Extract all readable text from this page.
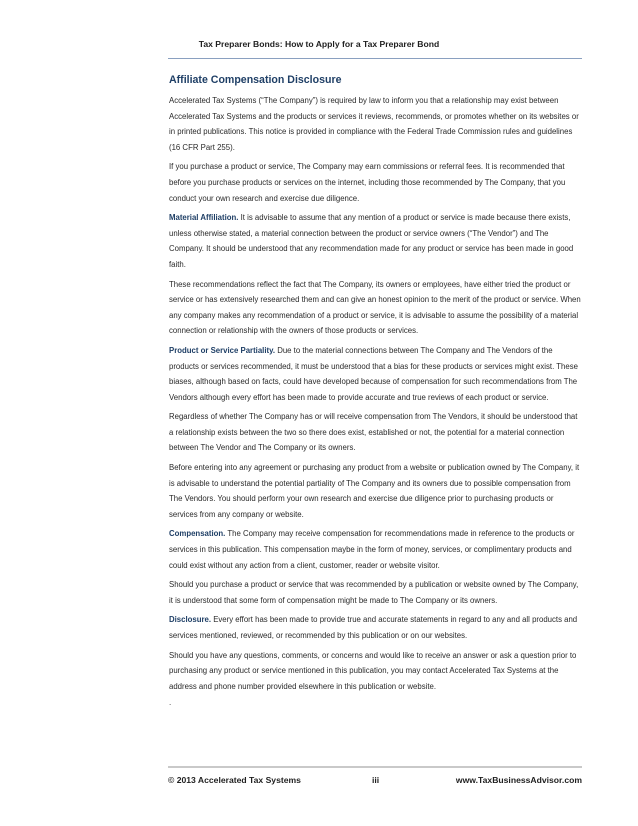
Tax Preparer Bonds: How to Apply for a Tax Preparer Bond
Affiliate Compensation Disclosure

Accelerated Tax Systems (“The Company”) is required by law to inform you that a relationship may exist between Accelerated Tax Systems and the products or services it reviews, recommends, or promotes whether on its websites or in printed publications. This notice is provided in compliance with the Federal Trade Commission rules and guidelines (16 CFR Part 255).

If you purchase a product or service, The Company may earn commissions or referral fees. It is recommended that before you purchase products or services on the internet, including those recommended by The Company, that you conduct your own research and exercise due diligence.

Material Affiliation. It is advisable to assume that any mention of a product or service is made because there exists, unless otherwise stated, a material connection between the product or service owners (“The Vendor”) and The Company. It should be understood that any recommendation made for any product or service has been made in good faith.

These recommendations reflect the fact that The Company, its owners or employees, have either tried the product or service or has extensively researched them and can give an honest opinion to the merit of the product or service. When any company makes any recommendation of a product or service, it is advisable to assume the possibility of a material connection or relationship with the owners of those products or services.

Product or Service Partiality. Due to the material connections between The Company and The Vendors of the products or services recommended, it must be understood that a bias for these products or services might exist. These biases, although based on facts, could have developed because of compensation for such recommendations from The Vendors although every effort has been made to provide accurate and true reviews of each product or service.

Regardless of whether The Company has or will receive compensation from The Vendors, it should be understood that a relationship exists between the two so there does exist, established or not, the potential for a material connection between The Vendor and The Company or its owners.

Before entering into any agreement or purchasing any product from a website or publication owned by The Company, it is advisable to understand the potential partiality of The Company and its owners due to possible compensation from The Vendors. You should perform your own research and exercise due diligence prior to purchasing products or services from any company or website.

Compensation. The Company may receive compensation for recommendations made in reference to the products or services in this publication. This compensation maybe in the form of money, services, or complimentary products and could exist without any action from a client, customer, reader or website visitor.

Should you purchase a product or service that was recommended by a publication or website owned by The Company, it is understood that some form of compensation might be made to The Company or its owners.

Disclosure. Every effort has been made to provide true and accurate statements in regard to any and all products and services mentioned, reviewed, or recommended by this publication or on our websites.

Should you have any questions, comments, or concerns and would like to receive an answer or ask a question prior to purchasing any product or service mentioned in this publication, you may contact Accelerated Tax Systems at the address and phone number provided elsewhere in this publication or website.

.
© 2013 Accelerated Tax Systems	iii	www.TaxBusinessAdvisor.com
